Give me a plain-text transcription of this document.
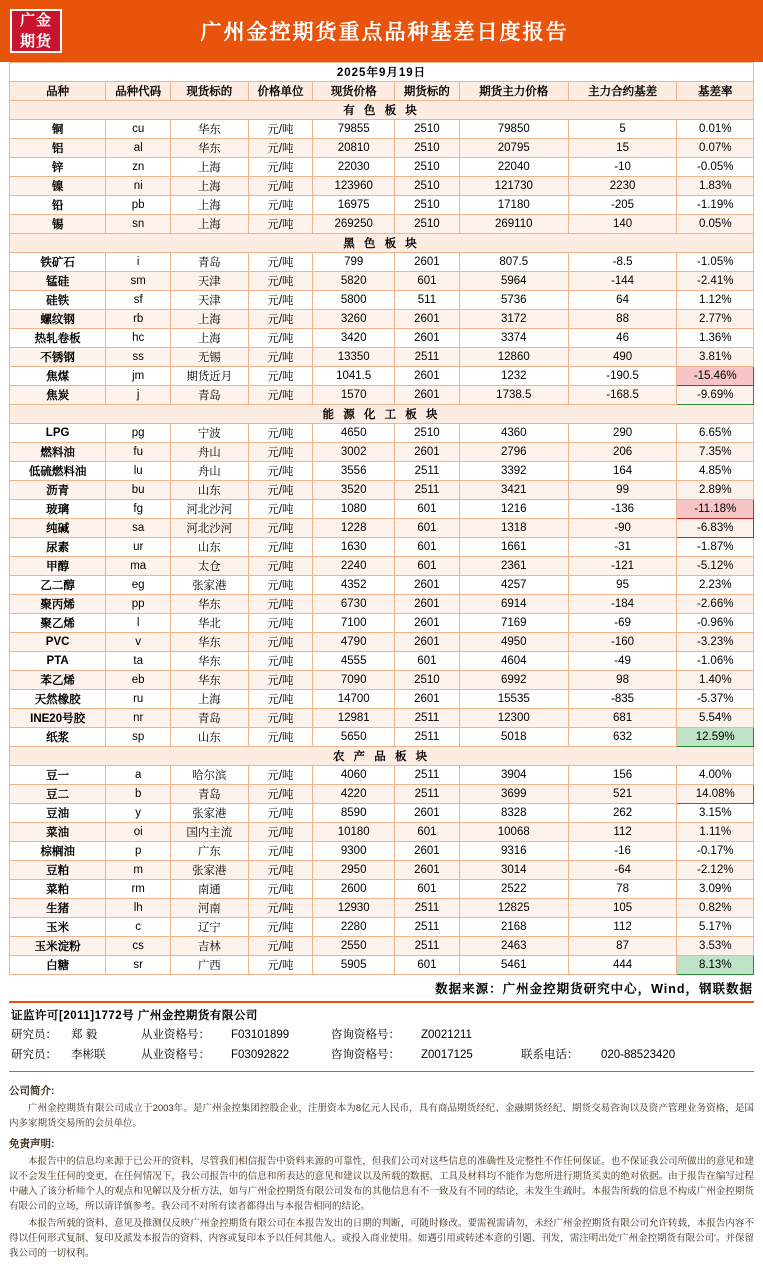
广金
期货	广州金控期货重点品种基差日度报告
2025年9月19日								
品种	品种代码	现货标的	价格单位	现货价格	期货标的	期货主力价格	主力合约基差	基差率
有 色 板 块								
铜	cu	华东	元/吨	79855	2510	79850	5	0.01%
铝	al	华东	元/吨	20810	2510	20795	15	0.07%
锌	zn	上海	元/吨	22030	2510	22040	-10	-0.05%
镍	ni	上海	元/吨	123960	2510	121730	2230	1.83%
铅	pb	上海	元/吨	16975	2510	17180	-205	-1.19%
锡	sn	上海	元/吨	269250	2510	269110	140	0.05%
黑 色 板 块								
铁矿石	i	青岛	元/吨	799	2601	807.5	-8.5	-1.05%
锰硅	sm	天津	元/吨	5820	601	5964	-144	-2.41%
硅铁	sf	天津	元/吨	5800	511	5736	64	1.12%
螺纹钢	rb	上海	元/吨	3260	2601	3172	88	2.77%
热轧卷板	hc	上海	元/吨	3420	2601	3374	46	1.36%
不锈钢	ss	无锡	元/吨	13350	2511	12860	490	3.81%
焦煤	jm	期货近月	元/吨	1041.5	2601	1232	-190.5	-15.46%
焦炭	j	青岛	元/吨	1570	2601	1738.5	-168.5	-9.69%
能 源 化 工 板 块								
LPG	pg	宁波	元/吨	4650	2510	4360	290	6.65%
燃料油	fu	舟山	元/吨	3002	2601	2796	206	7.35%
低硫燃料油	lu	舟山	元/吨	3556	2511	3392	164	4.85%
沥青	bu	山东	元/吨	3520	2511	3421	99	2.89%
玻璃	fg	河北沙河	元/吨	1080	601	1216	-136	-11.18%
纯碱	sa	河北沙河	元/吨	1228	601	1318	-90	-6.83%
尿素	ur	山东	元/吨	1630	601	1661	-31	-1.87%
甲醇	ma	太仓	元/吨	2240	601	2361	-121	-5.12%
乙二醇	eg	张家港	元/吨	4352	2601	4257	95	2.23%
聚丙烯	pp	华东	元/吨	6730	2601	6914	-184	-2.66%
聚乙烯	l	华北	元/吨	7100	2601	7169	-69	-0.96%
PVC	v	华东	元/吨	4790	2601	4950	-160	-3.23%
PTA	ta	华东	元/吨	4555	601	4604	-49	-1.06%
苯乙烯	eb	华东	元/吨	7090	2510	6992	98	1.40%
天然橡胶	ru	上海	元/吨	14700	2601	15535	-835	-5.37%
INE20号胶	nr	青岛	元/吨	12981	2511	12300	681	5.54%
纸浆	sp	山东	元/吨	5650	2511	5018	632	12.59%
农 产 品 板 块								
豆一	a	哈尔滨	元/吨	4060	2511	3904	156	4.00%
豆二	b	青岛	元/吨	4220	2511	3699	521	14.08%
豆油	y	张家港	元/吨	8590	2601	8328	262	3.15%
菜油	oi	国内主流	元/吨	10180	601	10068	112	1.11%
棕榈油	p	广东	元/吨	9300	2601	9316	-16	-0.17%
豆粕	m	张家港	元/吨	2950	2601	3014	-64	-2.12%
菜粕	rm	南通	元/吨	2600	601	2522	78	3.09%
生猪	lh	河南	元/吨	12930	2511	12825	105	0.82%
玉米	c	辽宁	元/吨	2280	2511	2168	112	5.17%
玉米淀粉	cs	吉林	元/吨	2550	2511	2463	87	3.53%
白糖	sr	广西	元/吨	5905	601	5461	444	8.13%
数据来源：广州金控期货研究中心，Wind，钢联数据
证监许可[2011]1772号 广州金控期货有限公司
研究员：	郑 毅	从业资格号：	F03101899	咨询资格号：	Z0021211		
研究员：	李彬联	从业资格号：	F03092822	咨询资格号：	Z0017125	联系电话：	020-88523420
公司简介:

广州金控期货有限公司成立于2003年。是广州金控集团控股企业，注册资本为8亿元人民币，具有商品期货经纪、金融期货经纪、期货交易咨询以及资产管理业务资格，是国内多家期货交易所的会员单位。

免责声明:

本报告中的信息均来源于已公开的资料，尽管我们相信报告中资料来源的可靠性，但我们公司对这些信息的准确性及完整性不作任何保证。也不保证我公司所做出的意见和建议不会发生任何的变更，在任何情况下，我公司报告中的信息和所表达的意见和建议以及所载的数据、工具及材料均不能作为您所进行期货买卖的绝对依据。由于报告在编写过程中融入了该分析师个人的观点和见解以及分析方法，如与广州金控期货有限公司发布的其他信息有不一致及有不同的结论，未发生生疏时。本报告所载的信息不构成广州金控期货有限公司的立场，所以请详慎参考。我公司不对所有读者都得出与本报告相同的结论。

本报告所载的资料、意见及推测仅反映广州金控期货有限公司在本报告发出的日期的判断，可随时修改。要需视需请勿，未经广州金控期货有限公司允许转载，本报告内容不得以任何形式复制、复印及派发本报告的资料、内容或复印本予以任何其他人。或投入商业使用。如遇引用或转述本意的引题、刊发，需注明出处'广州金控期货有限公司'。并保留我公司的一切权利。
